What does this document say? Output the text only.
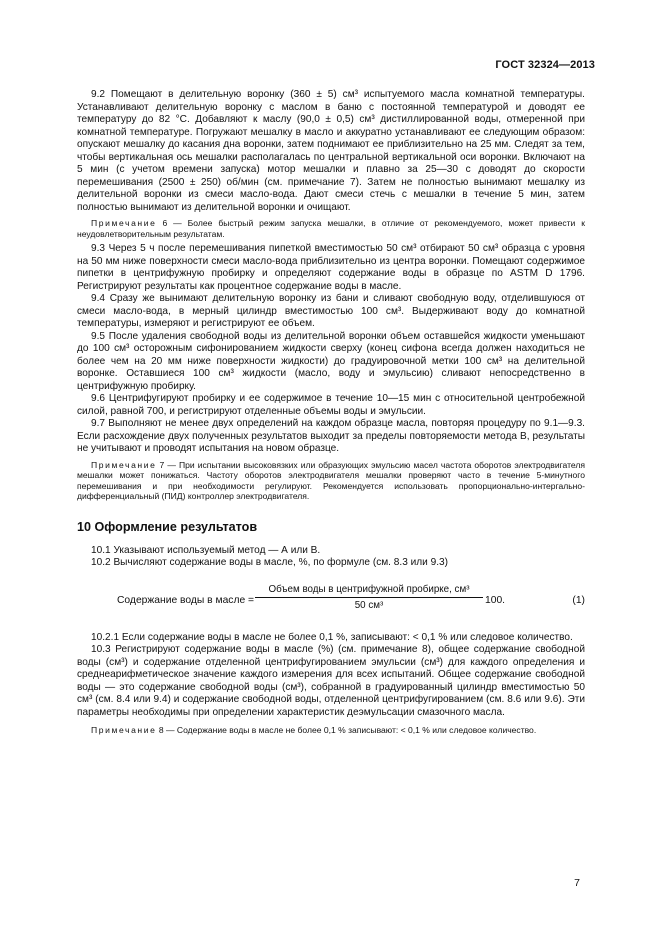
ГОСТ 32324—2013

9.2 Помещают в делительную воронку (360 ± 5) см³ испытуемого масла комнатной температуры. Устанавливают делительную воронку с маслом в баню с постоянной температурой и доводят ее температуру до 82 °С. Добавляют к маслу (90,0 ± 0,5) см³ дистиллированной воды, отмеренной при комнатной температуре. Погружают мешалку в масло и аккуратно устанавливают ее следующим образом: опускают мешалку до касания дна воронки, затем поднимают ее приблизительно на 25 мм. Следят за тем, чтобы вертикальная ось мешалки располагалась по центральной вертикальной оси воронки. Включают на 5 мин (с учетом времени запуска) мотор мешалки и плавно за 25—30 с доводят до скорости перемешивания (2500 ± 250) об/мин (см. примечание 7). Затем не полностью вынимают мешалку из делительной воронки из смеси масло-вода. Дают смеси стечь с мешалки в течение 5 мин, затем полностью вынимают из делительной воронки и очищают.

Примечание 6 — Более быстрый режим запуска мешалки, в отличие от рекомендуемого, может привести к неудовлетворительным результатам.

9.3 Через 5 ч после перемешивания пипеткой вместимостью 50 см³ отбирают 50 см³ образца с уровня на 50 мм ниже поверхности смеси масло-вода приблизительно из центра воронки. Помещают содержимое пипетки в центрифужную пробирку и определяют содержание воды в образце по ASTM D 1796. Регистрируют результаты как процентное содержание воды в масле.

9.4 Сразу же вынимают делительную воронку из бани и сливают свободную воду, отделившуюся от смеси масло-вода, в мерный цилиндр вместимостью 100 см³. Выдерживают воду до комнатной температуры, измеряют и регистрируют ее объем.

9.5 После удаления свободной воды из делительной воронки объем оставшейся жидкости уменьшают до 100 см³ осторожным сифонированием жидкости сверху (конец сифона всегда должен находиться не более чем на 20 мм ниже поверхности жидкости) до градуировочной метки 100 см³ на делительной воронке. Оставшиеся 100 см³ жидкости (масло, воду и эмульсию) сливают непосредственно в центрифужную пробирку.

9.6 Центрифугируют пробирку и ее содержимое в течение 10—15 мин с относительной центробежной силой, равной 700, и регистрируют отделенные объемы воды и эмульсии.

9.7 Выполняют не менее двух определений на каждом образце масла, повторяя процедуру по 9.1—9.3. Если расхождение двух полученных результатов выходит за пределы повторяемости метода В, результаты не учитывают и проводят испытания на новом образце.

Примечание 7 — При испытании высоковязких или образующих эмульсию масел частота оборотов электродвигателя мешалки может понижаться. Частоту оборотов электродвигателя мешалки проверяют часто в течение 5-минутного перемешивания и при необходимости регулируют. Рекомендуется использовать пропорционально-интергально-дифференциальный (ПИД) контроллер электродвигателя.

10 Оформление результатов

10.1 Указывают используемый метод — А или В.

10.2 Вычисляют содержание воды в масле, %, по формуле (см. 8.3 или 9.3)

Содержание воды в масле =
Объем воды в центрифужной пробирке, см³
50 см³	100.	(1)

10.2.1 Если содержание воды в масле не более 0,1 %, записывают: < 0,1 % или следовое количество.

10.3 Регистрируют содержание воды в масле (%) (см. примечание 8), общее содержание свободной воды (см³) и содержание отделенной центрифугированием эмульсии (см³) для каждого определения и среднеарифметическое значение каждого измерения для всех испытаний. Общее содержание свободной воды — это содержание свободной воды (см³), собранной в градуированный цилиндр вместимостью 50 см³ (см. 8.4 или 9.4) и содержание свободной воды, отделенной центрифугированием (см. 8.6 или 9.6). Эти параметры необходимы при определении характеристик деэмульсации смазочного масла.

Примечание 8 — Содержание воды в масле не более 0,1 % записывают: < 0,1 % или следовое количество.

7
